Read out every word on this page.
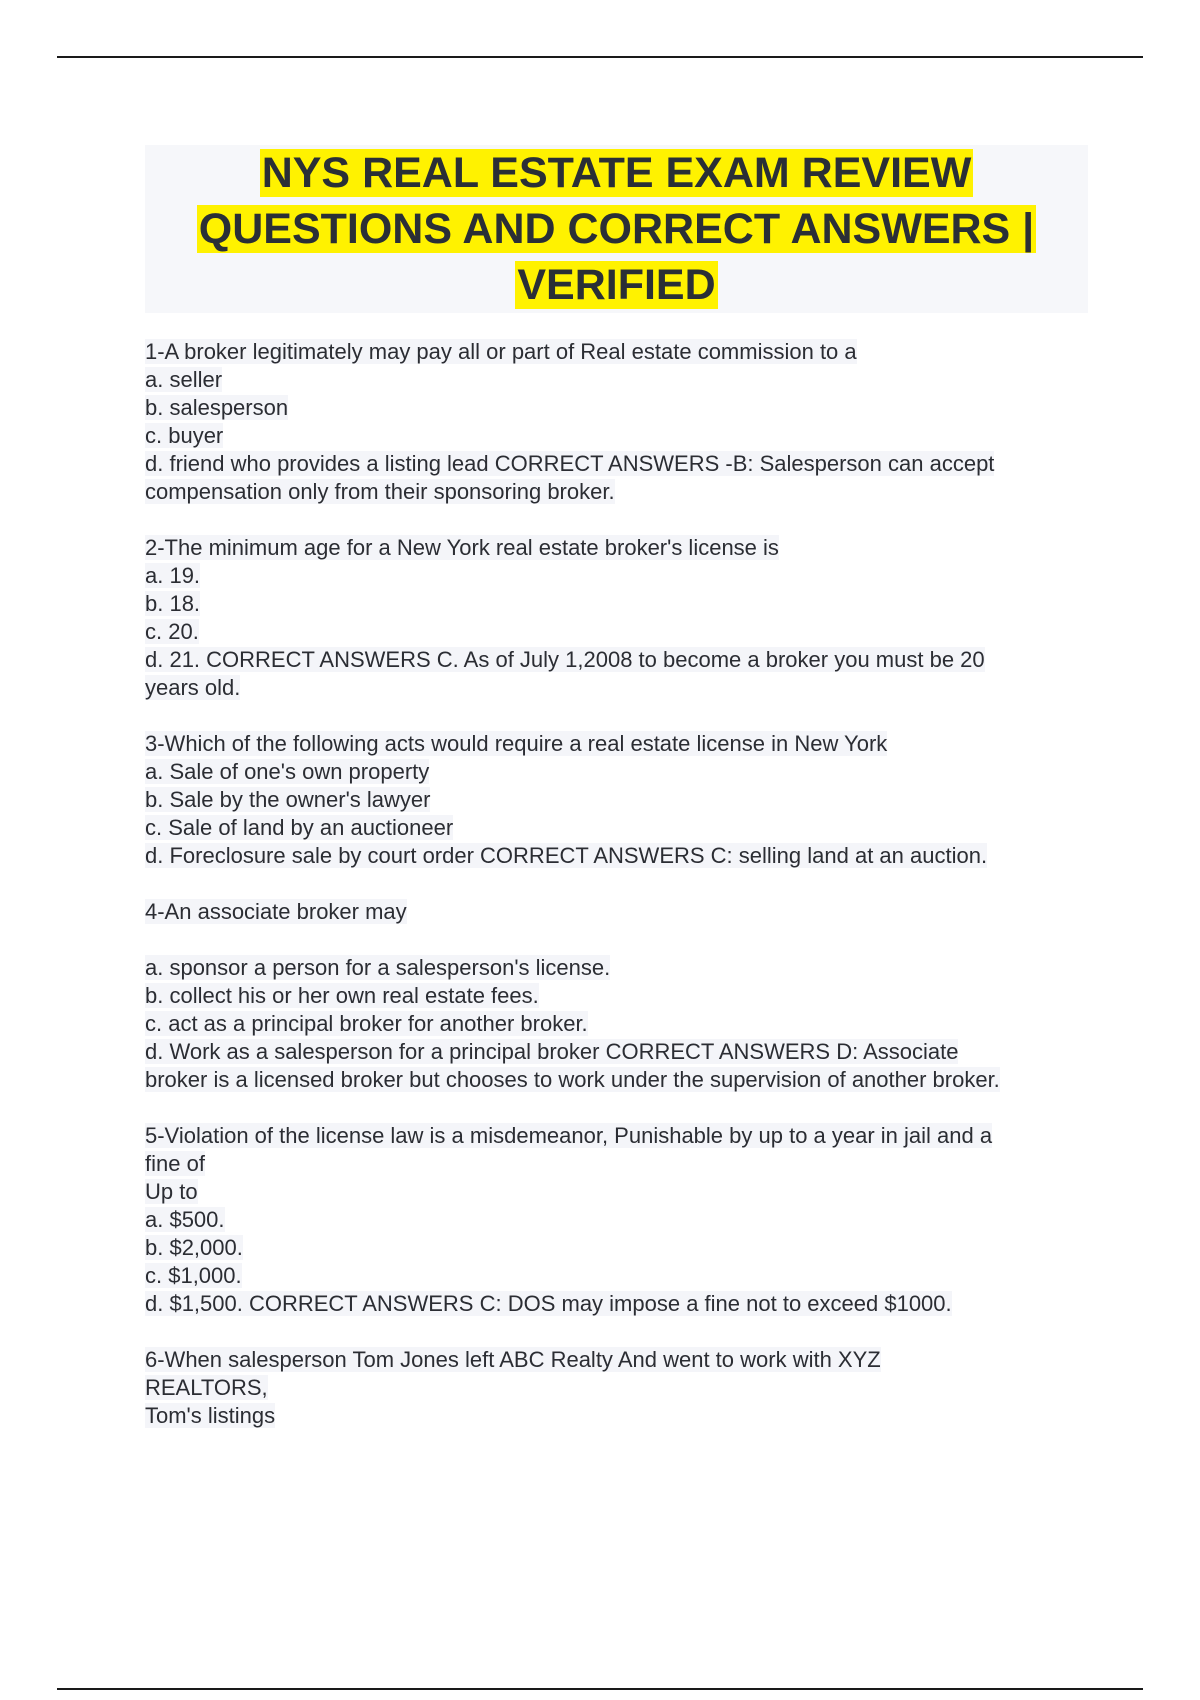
NYS REAL ESTATE EXAM REVIEW
QUESTIONS AND CORRECT ANSWERS |
VERIFIED
1-A broker legitimately may pay all or part of Real estate commission to a
a. seller
b. salesperson
c. buyer
d. friend who provides a listing lead CORRECT ANSWERS -B: Salesperson can accept
compensation only from their sponsoring broker.
2-The minimum age for a New York real estate broker's license is
a. 19.
b. 18.
c. 20.
d. 21. CORRECT ANSWERS C. As of July 1,2008 to become a broker you must be 20
years old.
3-Which of the following acts would require a real estate license in New York
a. Sale of one's own property
b. Sale by the owner's lawyer
c. Sale of land by an auctioneer
d. Foreclosure sale by court order CORRECT ANSWERS C: selling land at an auction.
4-An associate broker may
a. sponsor a person for a salesperson's license.
b. collect his or her own real estate fees.
c. act as a principal broker for another broker.
d. Work as a salesperson for a principal broker CORRECT ANSWERS D: Associate
broker is a licensed broker but chooses to work under the supervision of another broker.
5-Violation of the license law is a misdemeanor, Punishable by up to a year in jail and a
fine of
Up to
a. $500.
b. $2,000.
c. $1,000.
d. $1,500. CORRECT ANSWERS C: DOS may impose a fine not to exceed $1000.
6-When salesperson Tom Jones left ABC Realty And went to work with XYZ
REALTORS,
Tom's listings
